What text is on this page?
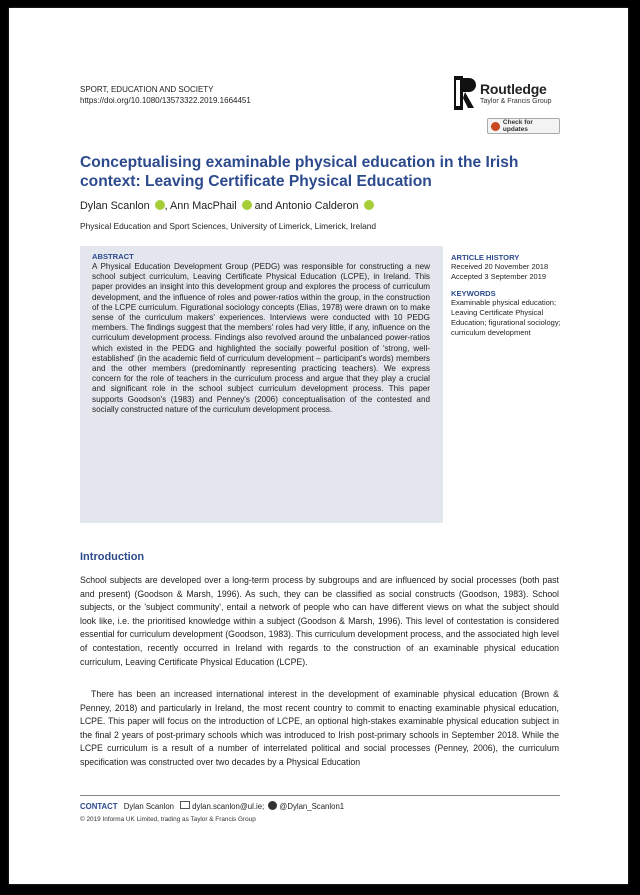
SPORT, EDUCATION AND SOCIETY
https://doi.org/10.1080/13573322.2019.1664451
Routledge
Taylor & Francis Group
Check for updates
Conceptualising examinable physical education in the Irish context: Leaving Certificate Physical Education
Dylan Scanlon , Ann MacPhail and Antonio Calderon
Physical Education and Sport Sciences, University of Limerick, Limerick, Ireland
ABSTRACT

A Physical Education Development Group (PEDG) was responsible for constructing a new school subject curriculum, Leaving Certificate Physical Education (LCPE), in Ireland. This paper provides an insight into this development group and explores the process of curriculum development, and the influence of roles and power-ratios within the group, in the construction of the LCPE curriculum. Figurational sociology concepts (Elias, 1978) were drawn on to make sense of the curriculum makers' experiences. Interviews were conducted with 10 PEDG members. The findings suggest that the members' roles had very little, if any, influence on the curriculum development process. Findings also revolved around the unbalanced power-ratios which existed in the PEDG and highlighted the socially powerful position of 'strong, well-established' (in the academic field of curriculum development – participant's words) members and the other members (predominantly representing practicing teachers). We express concern for the role of teachers in the curriculum process and argue that they play a crucial and significant role in the school subject curriculum development process. This paper supports Goodson's (1983) and Penney's (2006) conceptualisation of the contested and socially constructed nature of the curriculum development process.

ARTICLE HISTORY

Received 20 November 2018
Accepted 3 September 2019

KEYWORDS

Examinable physical education; Leaving Certificate Physical Education; figurational sociology; curriculum development

Introduction

School subjects are developed over a long-term process by subgroups and are influenced by social processes (both past and present) (Goodson & Marsh, 1996). As such, they can be classified as social constructs (Goodson, 1983). School subjects, or the 'subject community', entail a network of people who can have different views on what the subject should look like, i.e. the prioritised knowledge within a subject (Goodson & Marsh, 1996). This level of contestation is considered essential for curriculum development (Goodson, 1983). This curriculum development process, and the associated high level of contestation, recently occurred in Ireland with regards to the construction of an examinable physical education curriculum, Leaving Certificate Physical Education (LCPE).

There has been an increased international interest in the development of examinable physical education (Brown & Penney, 2018) and particularly in Ireland, the most recent country to commit to enacting examinable physical education, LCPE. This paper will focus on the introduction of LCPE, an optional high-stakes examinable physical education subject in the final 2 years of post-primary schools which was introduced to Irish post-primary schools in September 2018. While the LCPE curriculum is a result of a number of interrelated political and social processes (Penney, 2006), the curriculum specification was constructed over two decades by a Physical Education

CONTACT Dylan Scanlon dylan.scanlon@ul.ie; @Dylan_Scanlon1
© 2019 Informa UK Limited, trading as Taylor & Francis Group
